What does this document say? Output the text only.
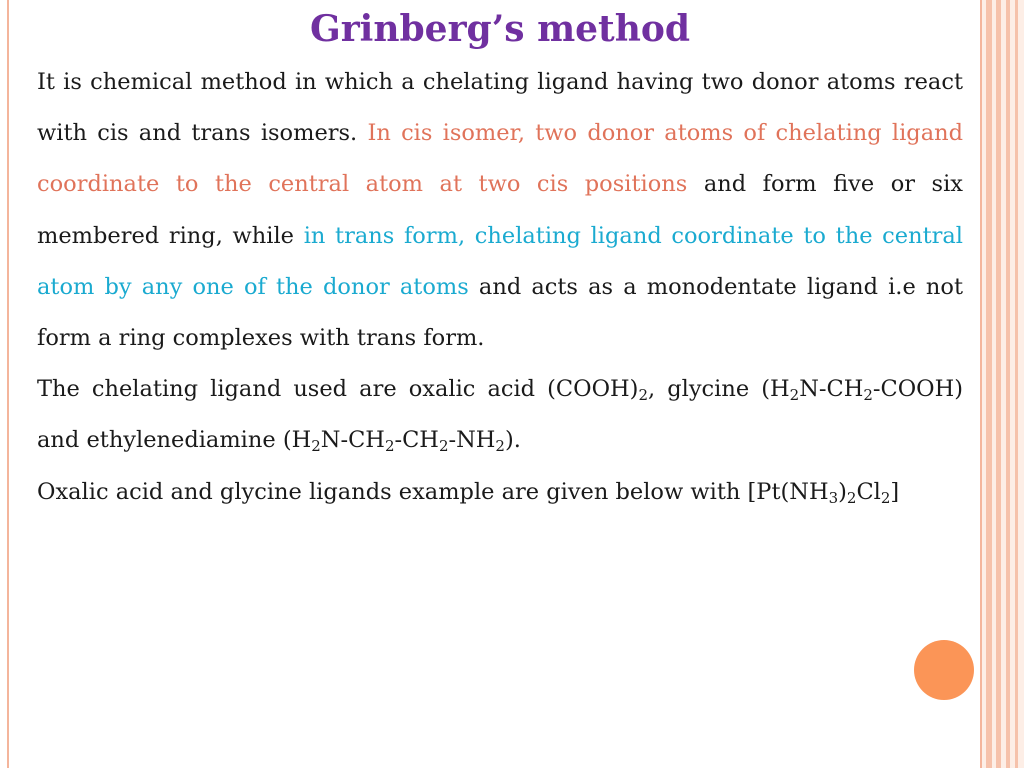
Grinberg’s method

It is chemical method in which a chelating ligand having two donor atoms react with cis and trans isomers. In cis isomer, two donor atoms of chelating ligand coordinate to the central atom at two cis positions and form five or six membered ring, while in trans form, chelating ligand coordinate to the central atom by any one of the donor atoms and acts as a monodentate ligand i.e not form a ring complexes with trans form.

The chelating ligand used are oxalic acid $(COOH)_2$, glycine $(H_2N-CH_2-COOH)$ and ethylenediamine $(H_2N-CH_2-CH_2-NH_2)$.

Oxalic acid and glycine ligands example are given below with $[Pt(NH_3)_2Cl_2]$
